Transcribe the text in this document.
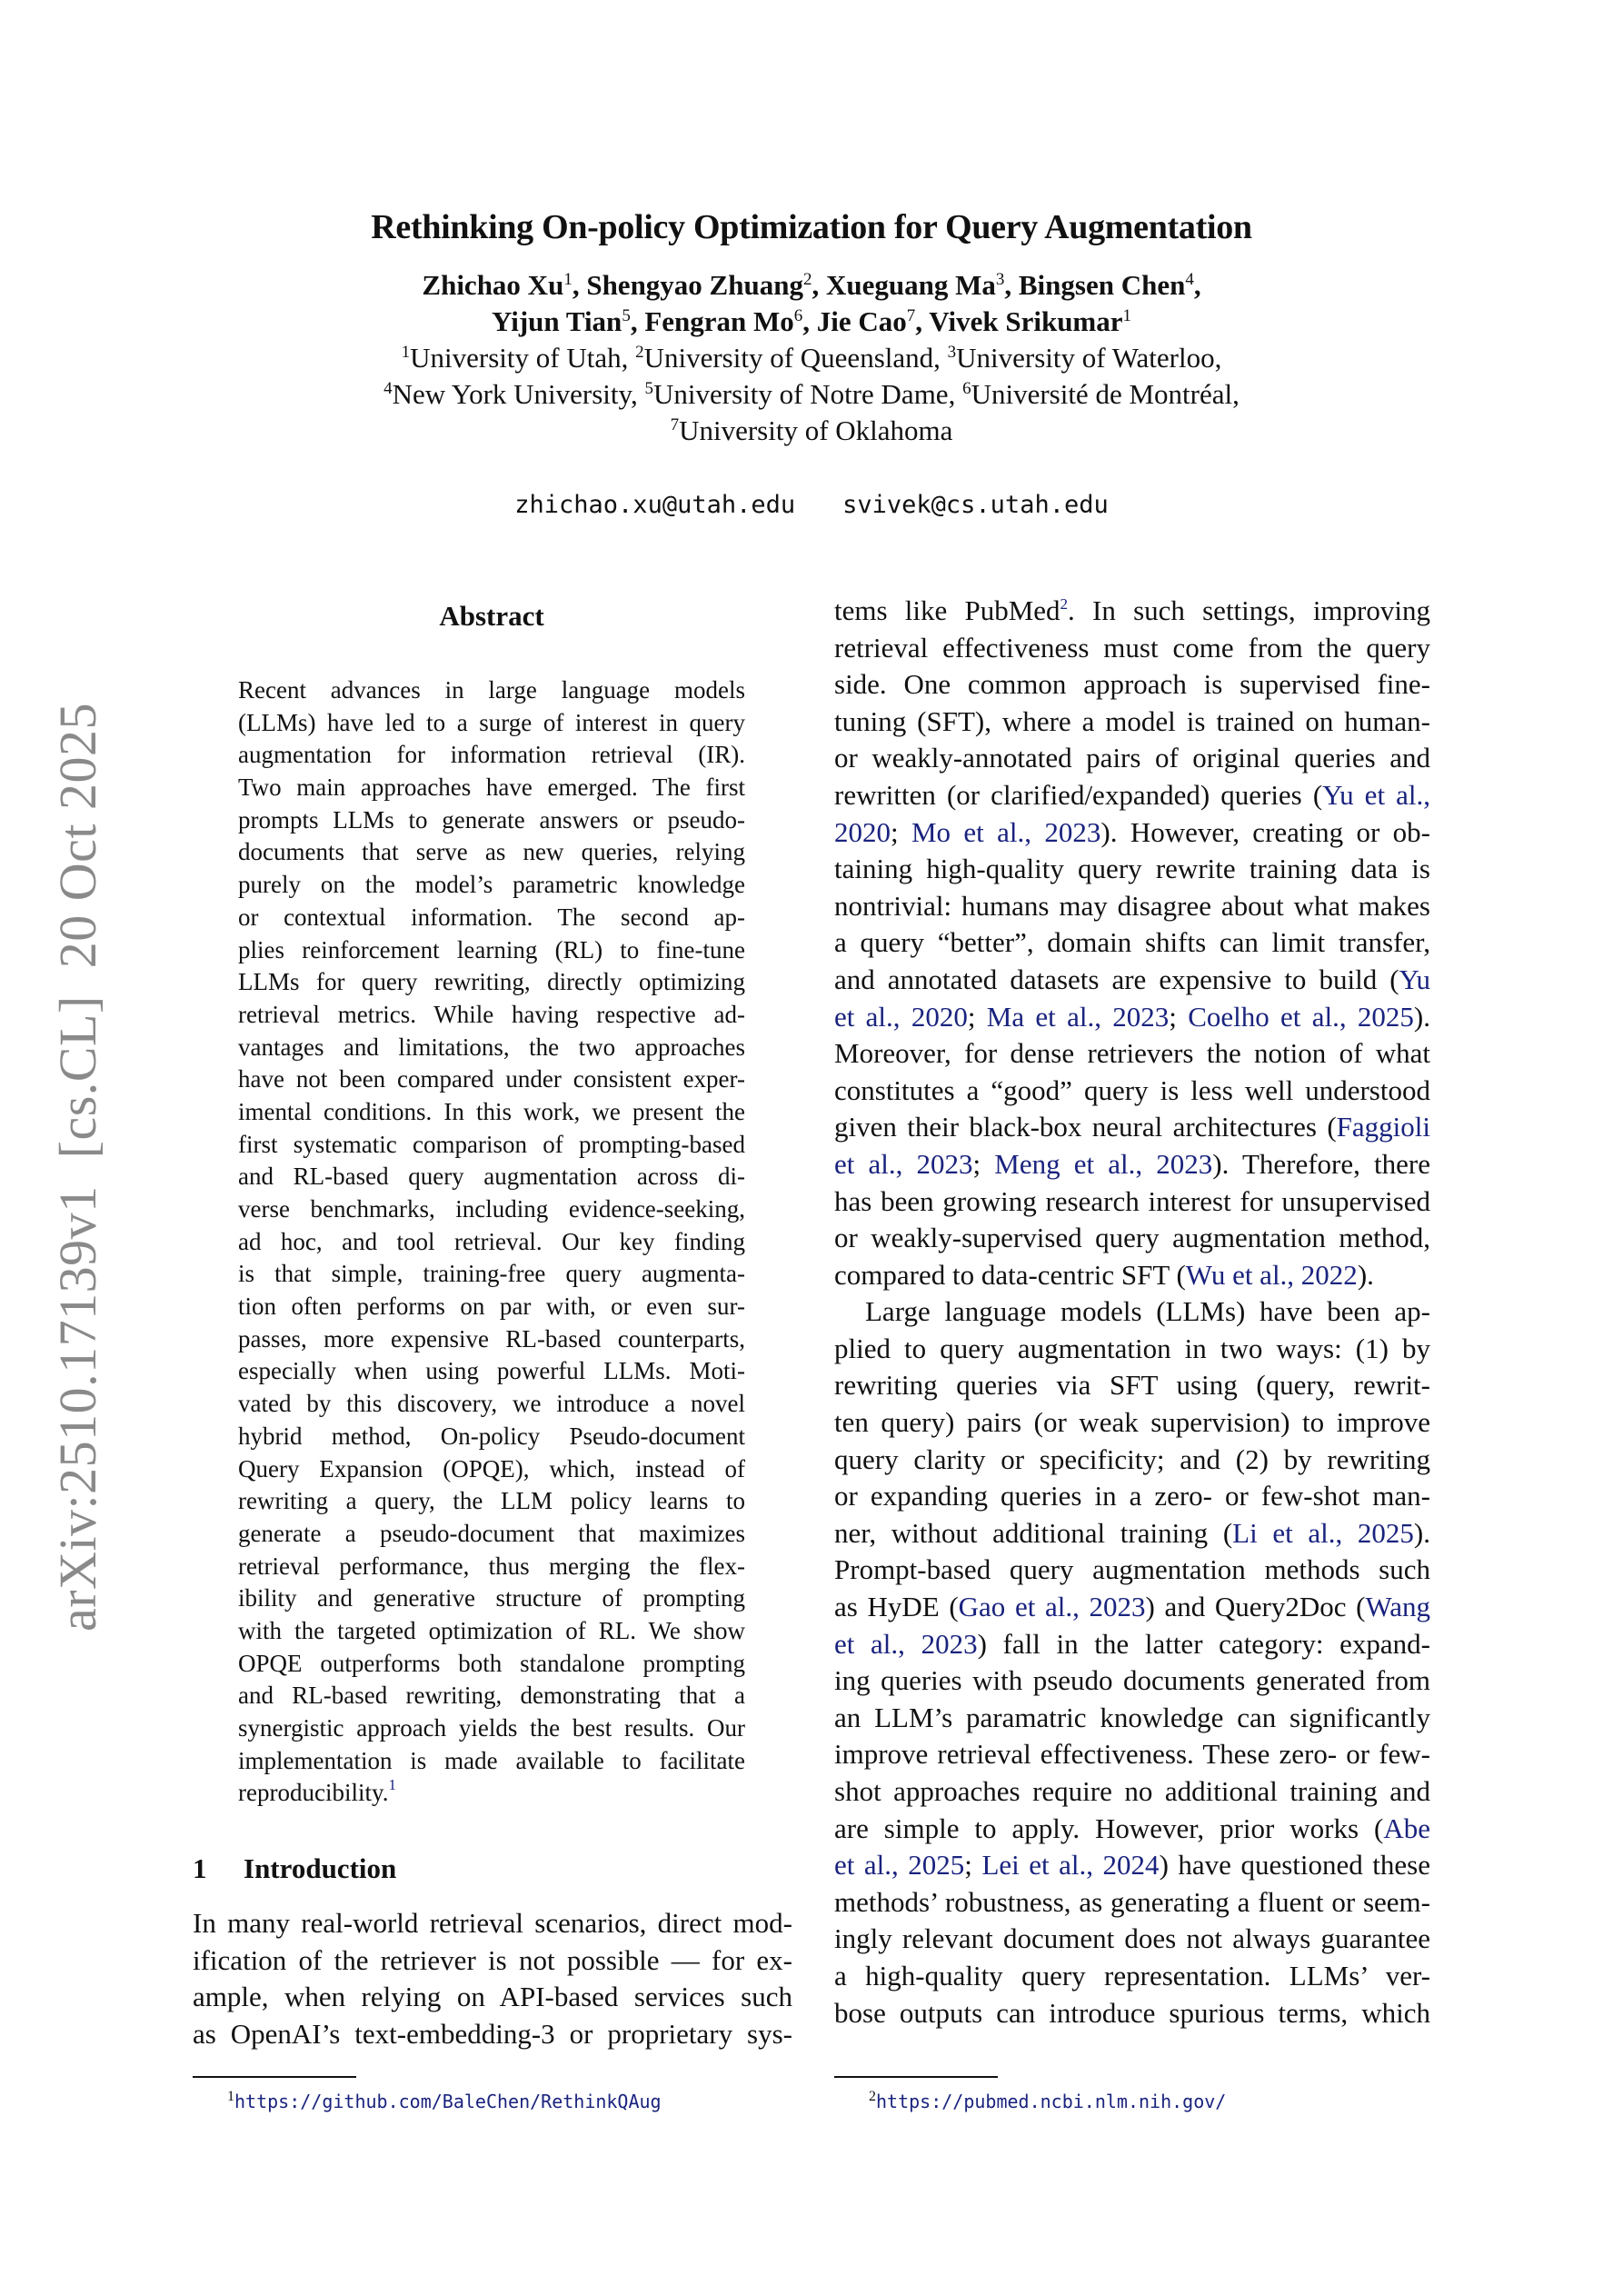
arXiv:2510.17139v1  [cs.CL]  20 Oct 2025
Rethinking On-policy Optimization for Query Augmentation
Zhichao Xu$^1$, Shengyao Zhuang$^2$, Xueguang Ma$^3$, Bingsen Chen$^4$,
Yijun Tian$^5$, Fengran Mo$^6$, Jie Cao$^7$, Vivek Srikumar$^1$
$^1$University of Utah, $^2$University of Queensland, $^3$University of Waterloo,
$^4$New York University, $^5$University of Notre Dame, $^6$Université de Montréal,
$^7$University of Oklahoma
zhichao.xu@utah.edu svivek@cs.utah.edu
Abstract
Recent advances in large language models
(LLMs) have led to a surge of interest in query
augmentation for information retrieval (IR).
Two main approaches have emerged. The first
prompts LLMs to generate answers or pseudo-
documents that serve as new queries, relying
purely on the model’s parametric knowledge
or contextual information. The second ap-
plies reinforcement learning (RL) to fine-tune
LLMs for query rewriting, directly optimizing
retrieval metrics. While having respective ad-
vantages and limitations, the two approaches
have not been compared under consistent exper-
imental conditions. In this work, we present the
first systematic comparison of prompting-based
and RL-based query augmentation across di-
verse benchmarks, including evidence-seeking,
ad hoc, and tool retrieval. Our key finding
is that simple, training-free query augmenta-
tion often performs on par with, or even sur-
passes, more expensive RL-based counterparts,
especially when using powerful LLMs. Moti-
vated by this discovery, we introduce a novel
hybrid method, On-policy Pseudo-document
Query Expansion (OPQE), which, instead of
rewriting a query, the LLM policy learns to
generate a pseudo-document that maximizes
retrieval performance, thus merging the flex-
ibility and generative structure of prompting
with the targeted optimization of RL. We show
OPQE outperforms both standalone prompting
and RL-based rewriting, demonstrating that a
synergistic approach yields the best results. Our
implementation is made available to facilitate
reproducibility.$^1$
1 Introduction
In many real-world retrieval scenarios, direct mod-
ification of the retriever is not possible — for ex-
ample, when relying on API-based services such
as OpenAI’s text-embedding-3 or proprietary sys-
tems like PubMed$^2$. In such settings, improving
retrieval effectiveness must come from the query
side. One common approach is supervised fine-
tuning (SFT), where a model is trained on human-
or weakly-annotated pairs of original queries and
rewritten (or clarified/expanded) queries (Yu et al.,
2020; Mo et al., 2023). However, creating or ob-
taining high-quality query rewrite training data is
nontrivial: humans may disagree about what makes
a query “better”, domain shifts can limit transfer,
and annotated datasets are expensive to build (Yu
et al., 2020; Ma et al., 2023; Coelho et al., 2025).
Moreover, for dense retrievers the notion of what
constitutes a “good” query is less well understood
given their black-box neural architectures (Faggioli
et al., 2023; Meng et al., 2023). Therefore, there
has been growing research interest for unsupervised
or weakly-supervised query augmentation method,
compared to data-centric SFT (Wu et al., 2022).
Large language models (LLMs) have been ap-
plied to query augmentation in two ways: (1) by
rewriting queries via SFT using (query, rewrit-
ten query) pairs (or weak supervision) to improve
query clarity or specificity; and (2) by rewriting
or expanding queries in a zero- or few-shot man-
ner, without additional training (Li et al., 2025).
Prompt-based query augmentation methods such
as HyDE (Gao et al., 2023) and Query2Doc (Wang
et al., 2023) fall in the latter category: expand-
ing queries with pseudo documents generated from
an LLM’s paramatric knowledge can significantly
improve retrieval effectiveness. These zero- or few-
shot approaches require no additional training and
are simple to apply. However, prior works (Abe
et al., 2025; Lei et al., 2024) have questioned these
methods’ robustness, as generating a fluent or seem-
ingly relevant document does not always guarantee
a high-quality query representation. LLMs’ ver-
bose outputs can introduce spurious terms, which
$^1$https://github.com/BaleChen/RethinkQAug	$^2$https://pubmed.ncbi.nlm.nih.gov/
